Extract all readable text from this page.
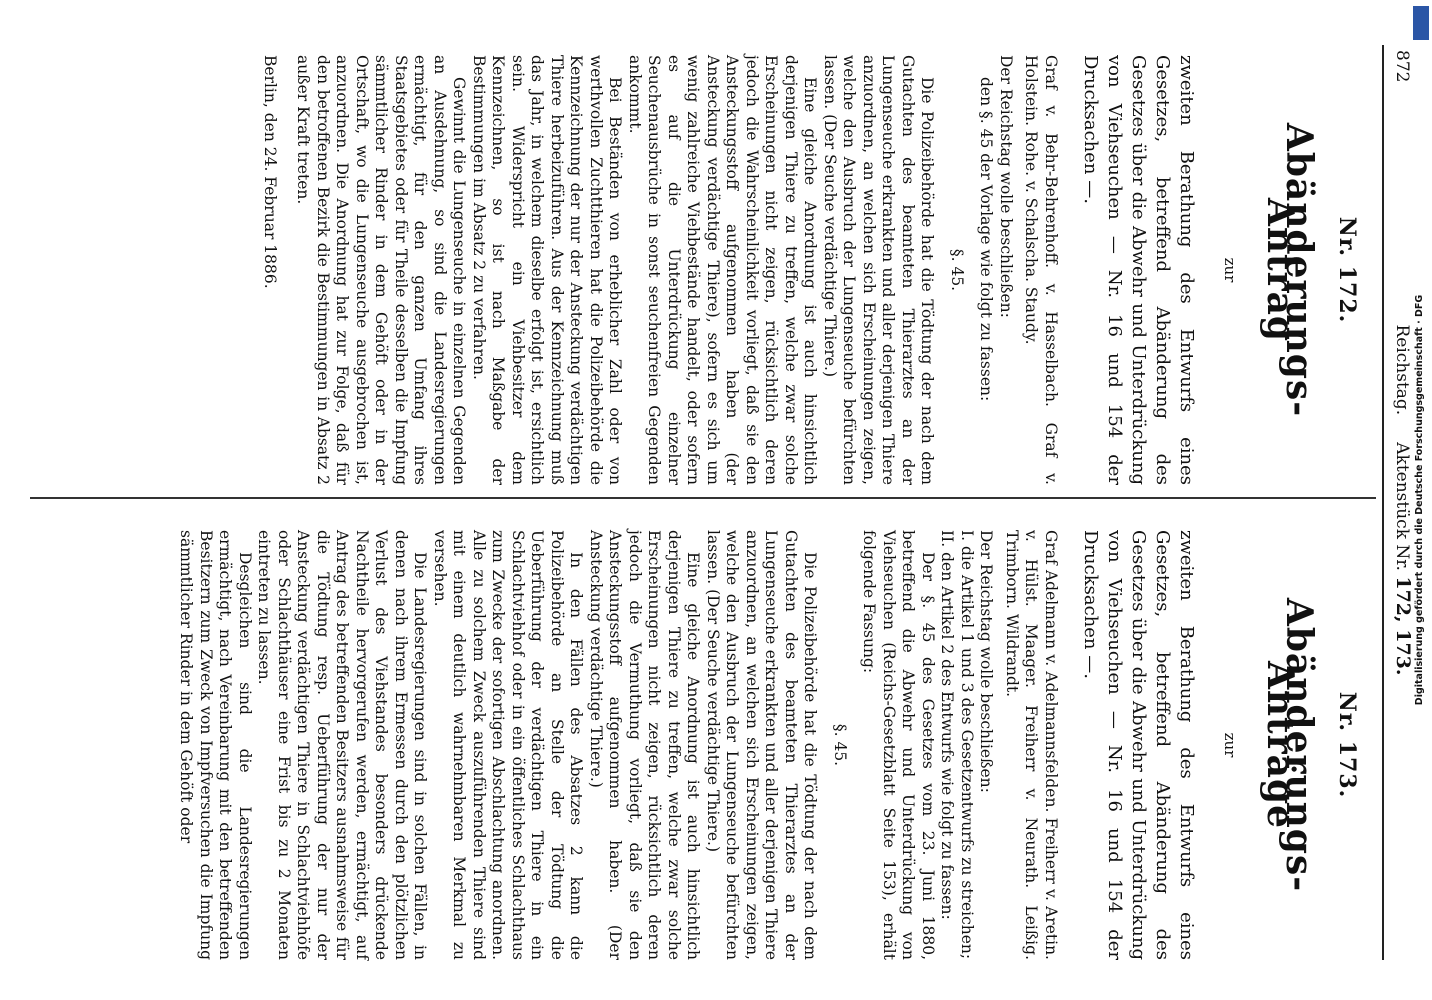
872
Reichstag.     Aktenstück Nr. 172, 173.
Nr. 172.
Abänderungs-Antrag
zur
zweiten Berathung des Entwurfs eines Gesetzes, betreffend Abänderung des Gesetzes über die Abwehr und Unterdrückung von Viehseuchen — Nr. 16 und 154 der Drucksachen —.
Graf v. Behr-Behrenhoff. v. Hasselbach. Graf v. Holstein. Rohe. v. Schalscha. Staudy.
Der Reichstag wolle beschließen:
den §. 45 der Vorlage wie folgt zu fassen:
§. 45.
Die Polizeibehörde hat die Tödtung der nach dem Gutachten des beamteten Thierarztes an der Lungenseuche erkrankten und aller derjenigen Thiere anzuordnen, an welchen sich Erscheinungen zeigen, welche den Ausbruch der Lungenseuche befürchten lassen. (Der Seuche verdächtige Thiere.)
Eine gleiche Anordnung ist auch hinsichtlich derjenigen Thiere zu treffen, welche zwar solche Erscheinungen nicht zeigen, rücksichtlich deren jedoch die Wahrscheinlichkeit vorliegt, daß sie den Ansteckungsstoff aufgenommen haben (der Ansteckung verdächtige Thiere), sofern es sich um wenig zahlreiche Viehbestände handelt, oder sofern es auf die Unterdrückung einzelner Seuchenausbrüche in sonst seuchenfreien Gegenden ankommt.
Bei Beständen von erheblicher Zahl oder von werthvollen Zuchtthieren hat die Polizeibehörde die Kennzeichnung der nur der Ansteckung verdächtigen Thiere herbeizuführen. Aus der Kennzeichnung muß das Jahr, in welchem dieselbe erfolgt ist, ersichtlich sein. Widerspricht ein Viehbesitzer dem Kennzeichnen, so ist nach Maßgabe der Bestimmungen im Absatz 2 zu verfahren.
Gewinnt die Lungenseuche in einzelnen Gegenden an Ausdehnung, so sind die Landesregierungen ermächtigt, für den ganzen Umfang ihres Staatsgebietes oder für Theile desselben die Impfung sämmtlicher Rinder in dem Gehöft oder in der Ortschaft, wo die Lungenseuche ausgebrochen ist, anzuordnen. Die Anordnung hat zur Folge, daß für den betroffenen Bezirk die Bestimmungen in Absatz 2 außer Kraft treten.
Berlin, den 24. Februar 1886.
Nr. 173.
Abänderungs-Anträge
zur
zweiten Berathung des Entwurfs eines Gesetzes, betreffend Abänderung des Gesetzes über die Abwehr und Unterdrückung von Viehseuchen — Nr. 16 und 154 der Drucksachen —.
Graf Adelmann v. Adelmannsfelden. Freiherr v. Aretin. v. Hülst. Maager. Freiherr v. Neurath. Leißig. Trimborn. Wildrandt.
Der Reichstag wolle beschließen:
I. die Artikel 1 und 3 des Gesetzentwurfs zu streichen;
II. den Artikel 2 des Entwurfs wie folgt zu fassen:
Der §. 45 des Gesetzes vom 23. Juni 1880, betreffend die Abwehr und Unterdrückung von Viehseuchen (Reichs-Gesetzblatt Seite 153), erhält folgende Fassung:
§. 45.
Die Polizeibehörde hat die Tödtung der nach dem Gutachten des beamteten Thierarztes an der Lungenseuche erkrankten und aller derjenigen Thiere anzuordnen, an welchen sich Erscheinungen zeigen, welche den Ausbruch der Lungenseuche befürchten lassen. (Der Seuche verdächtige Thiere.)
Eine gleiche Anordnung ist auch hinsichtlich derjenigen Thiere zu treffen, welche zwar solche Erscheinungen nicht zeigen, rücksichtlich deren jedoch die Vermuthung vorliegt, daß sie den Ansteckungsstoff aufgenommen haben. (Der Ansteckung verdächtige Thiere.)
In den Fällen des Absatzes 2 kann die Polizeibehörde an Stelle der Tödtung die Ueberführung der verdächtigen Thiere in ein Schlachtviehhof oder in ein öffentliches Schlachthaus zum Zwecke der sofortigen Abschlachtung anordnen. Alle zu solchem Zweck auszuführenden Thiere sind mit einem deutlich wahrnehmbaren Merkmal zu versehen.
Die Landesregierungen sind in solchen Fällen, in denen nach ihrem Ermessen durch den plötzlichen Verlust des Viehstandes besonders drückende Nachtheile hervorgerufen werden, ermächtigt, auf Antrag des betreffenden Besitzers ausnahmsweise für die Tödtung resp. Ueberführung der nur der Ansteckung verdächtigen Thiere in Schlachtviehhöfe oder Schlachthäuser eine Frist bis zu 2 Monaten eintreten zu lassen.
Desgleichen sind die Landesregierungen ermächtigt, nach Vereinbarung mit den betreffenden Besitzern zum Zweck von Impfversuchen die Impfung sämmtlicher Rinder in dem Gehöft oder	Digitalisierung gefördert durch die Deutsche Forschungsgemeinschaft · DFG
